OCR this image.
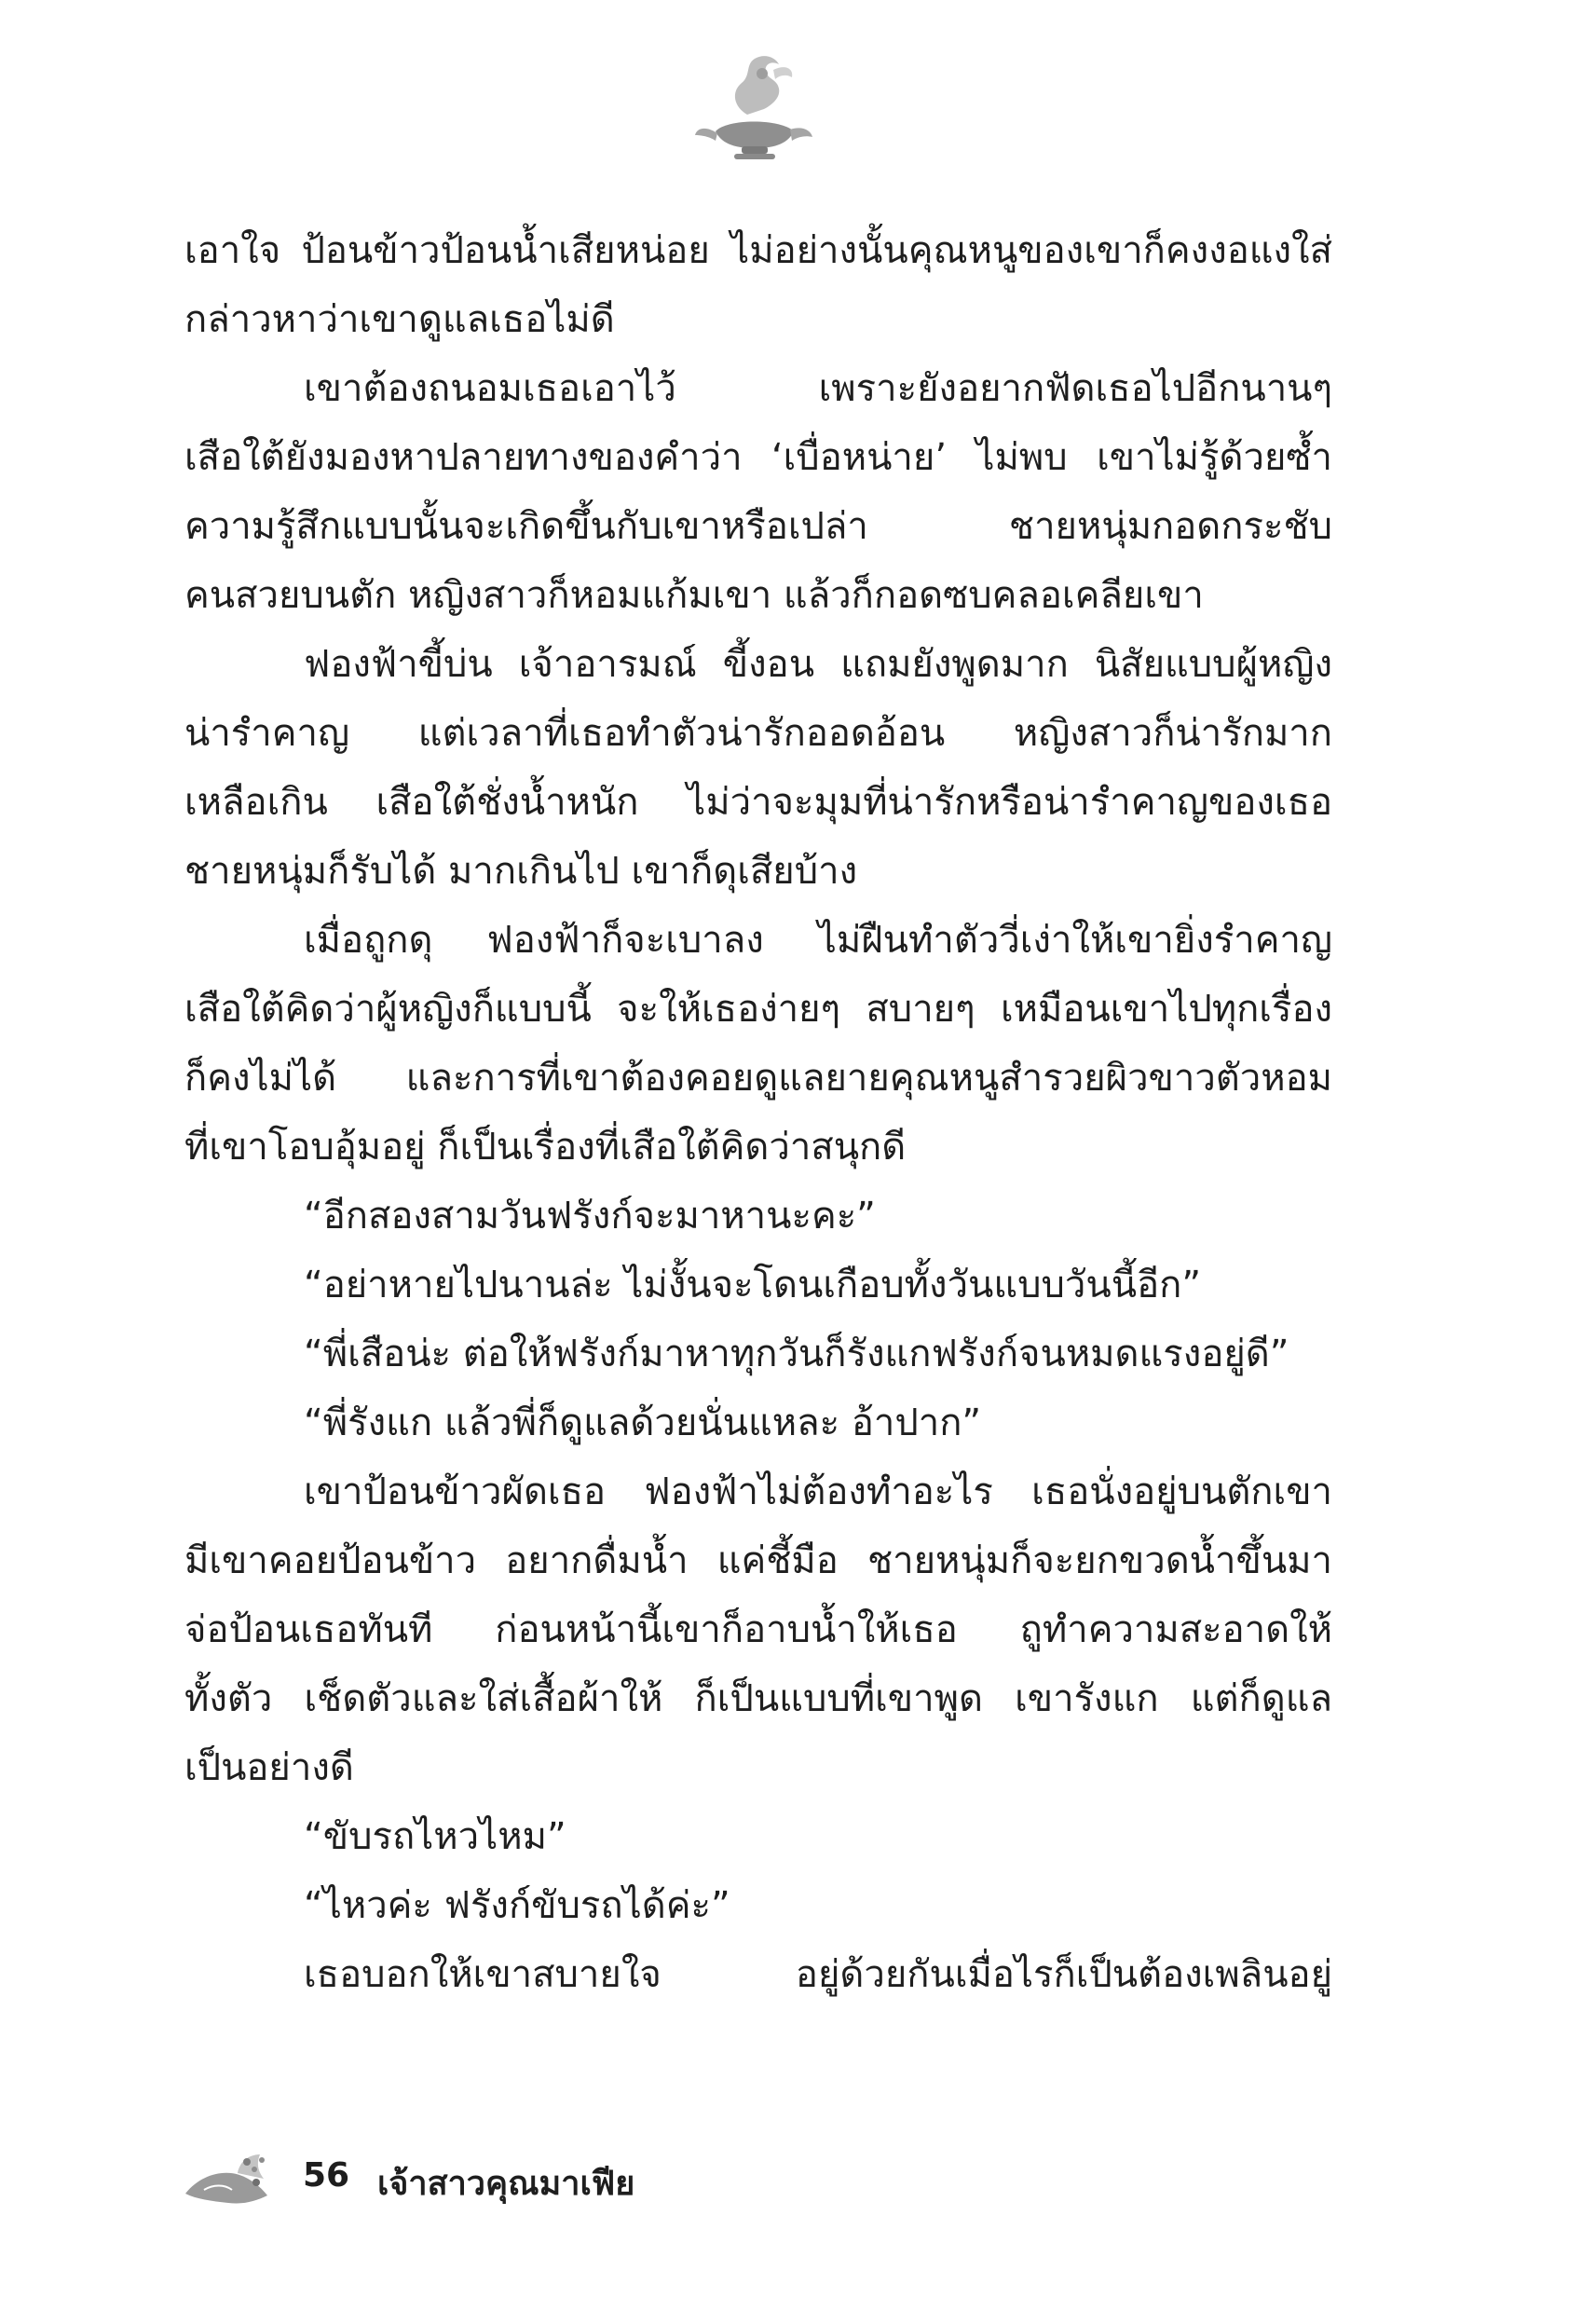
เอาใจ ป้อนข้าวป้อนน้ำเสียหน่อย ไม่อย่างนั้นคุณหนูของเขาก็คงงอแงใส่
กล่าวหาว่าเขาดูแลเธอไม่ดี
เขาต้องถนอมเธอเอาไว้ เพราะยังอยากฟัดเธอไปอีกนานๆ
เสือใต้ยังมองหาปลายทางของคำว่า ‘เบื่อหน่าย’ ไม่พบ เขาไม่รู้ด้วยซ้ำ
ความรู้สึกแบบนั้นจะเกิดขึ้นกับเขาหรือเปล่า ชายหนุ่มกอดกระชับ
คนสวยบนตัก หญิงสาวก็หอมแก้มเขา แล้วก็กอดซบคลอเคลียเขา
ฟองฟ้าขี้บ่น เจ้าอารมณ์ ขี้งอน แถมยังพูดมาก นิสัยแบบผู้หญิง
น่ารำคาญ แต่เวลาที่เธอทำตัวน่ารักออดอ้อน หญิงสาวก็น่ารักมาก
เหลือเกิน เสือใต้ชั่งน้ำหนัก ไม่ว่าจะมุมที่น่ารักหรือน่ารำคาญของเธอ
ชายหนุ่มก็รับได้ มากเกินไป เขาก็ดุเสียบ้าง
เมื่อถูกดุ ฟองฟ้าก็จะเบาลง ไม่ฝืนทำตัววี่เง่าให้เขายิ่งรำคาญ
เสือใต้คิดว่าผู้หญิงก็แบบนี้ จะให้เธอง่ายๆ สบายๆ เหมือนเขาไปทุกเรื่อง
ก็คงไม่ได้ และการที่เขาต้องคอยดูแลยายคุณหนูสำรวยผิวขาวตัวหอม
ที่เขาโอบอุ้มอยู่ ก็เป็นเรื่องที่เสือใต้คิดว่าสนุกดี
“อีกสองสามวันฟรังก์จะมาหานะคะ”
“อย่าหายไปนานล่ะ ไม่งั้นจะโดนเกือบทั้งวันแบบวันนี้อีก”
“พี่เสือน่ะ ต่อให้ฟรังก์มาหาทุกวันก็รังแกฟรังก์จนหมดแรงอยู่ดี”
“พี่รังแก แล้วพี่ก็ดูแลด้วยนั่นแหละ อ้าปาก”
เขาป้อนข้าวผัดเธอ ฟองฟ้าไม่ต้องทำอะไร เธอนั่งอยู่บนตักเขา
มีเขาคอยป้อนข้าว อยากดื่มน้ำ แค่ชี้มือ ชายหนุ่มก็จะยกขวดน้ำขึ้นมา
จ่อป้อนเธอทันที ก่อนหน้านี้เขาก็อาบน้ำให้เธอ ถูทำความสะอาดให้
ทั้งตัว เช็ดตัวและใส่เสื้อผ้าให้ ก็เป็นแบบที่เขาพูด เขารังแก แต่ก็ดูแล
เป็นอย่างดี
“ขับรถไหวไหม”
“ไหวค่ะ ฟรังก์ขับรถได้ค่ะ”
เธอบอกให้เขาสบายใจ อยู่ด้วยกันเมื่อไรก็เป็นต้องเพลินอยู่
56 เจ้าสาวคุณมาเฟีย
